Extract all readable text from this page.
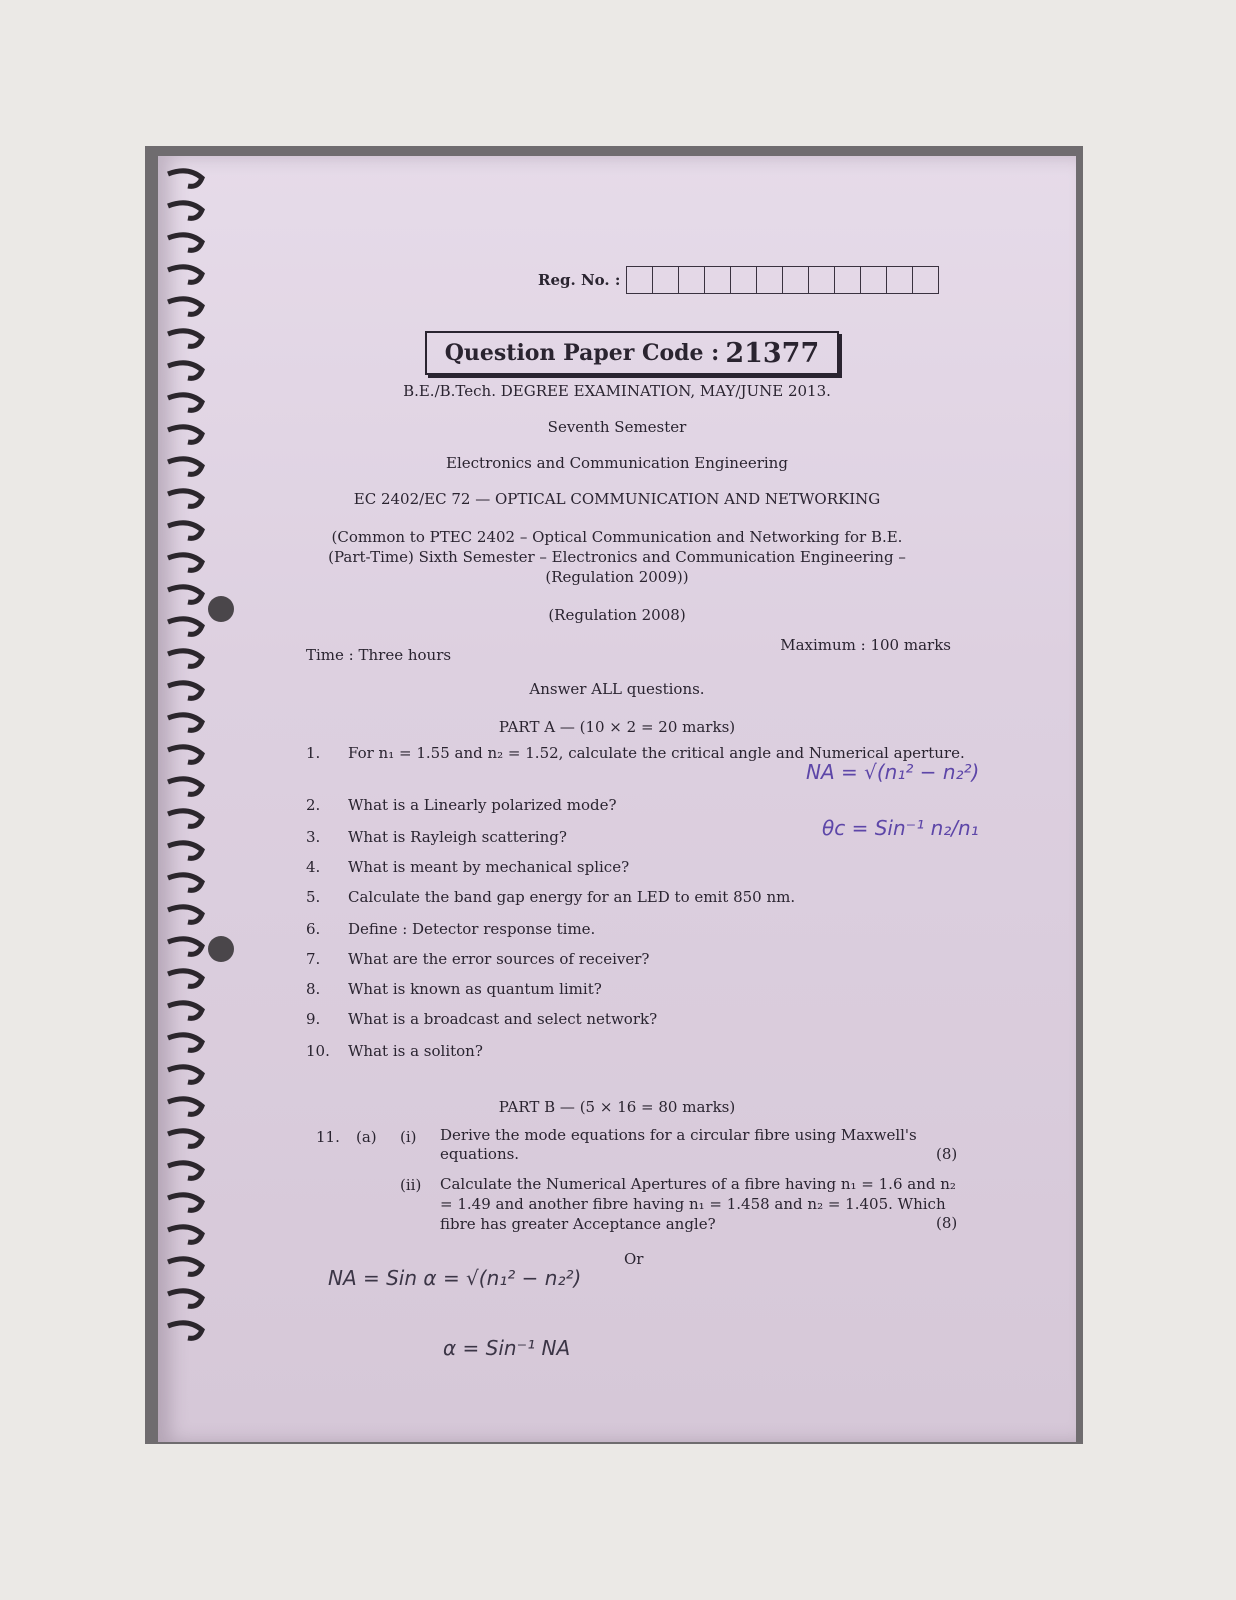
Reg. No. :
Question Paper Code : 21377
B.E./B.Tech. DEGREE EXAMINATION, MAY/JUNE 2013.
Seventh Semester
Electronics and Communication Engineering
EC 2402/EC 72 — OPTICAL COMMUNICATION AND NETWORKING
(Common to PTEC 2402 – Optical Communication and Networking for B.E.
(Part-Time) Sixth Semester – Electronics and Communication Engineering –
(Regulation 2009))
(Regulation 2008)
Time : Three hours
Maximum : 100 marks
Answer ALL questions.
PART A — (10 × 2 = 20 marks)
1.	For n₁ = 1.55 and n₂ = 1.52, calculate the critical angle and Numerical aperture.
2.	What is a Linearly polarized mode?
3.	What is Rayleigh scattering?
4.	What is meant by mechanical splice?
5.	Calculate the band gap energy for an LED to emit 850 nm.
6.	Define : Detector response time.
7.	What are the error sources of receiver?
8.	What is known as quantum limit?
9.	What is a broadcast and select network?
10.	What is a soliton?
PART B — (5 × 16 = 80 marks)
11. (a) (i) Derive the mode equations for a circular fibre using Maxwell's equations.	(8)
(ii) Calculate the Numerical Apertures of a fibre having n₁ = 1.6 and n₂ = 1.49 and another fibre having n₁ = 1.458 and n₂ = 1.405. Which fibre has greater Acceptance angle?	(8)
Or
NA = √(n₁² − n₂²)
θc = Sin⁻¹ n₂/n₁
NA = Sin α = √(n₁² − n₂²)
α = Sin⁻¹ NA
